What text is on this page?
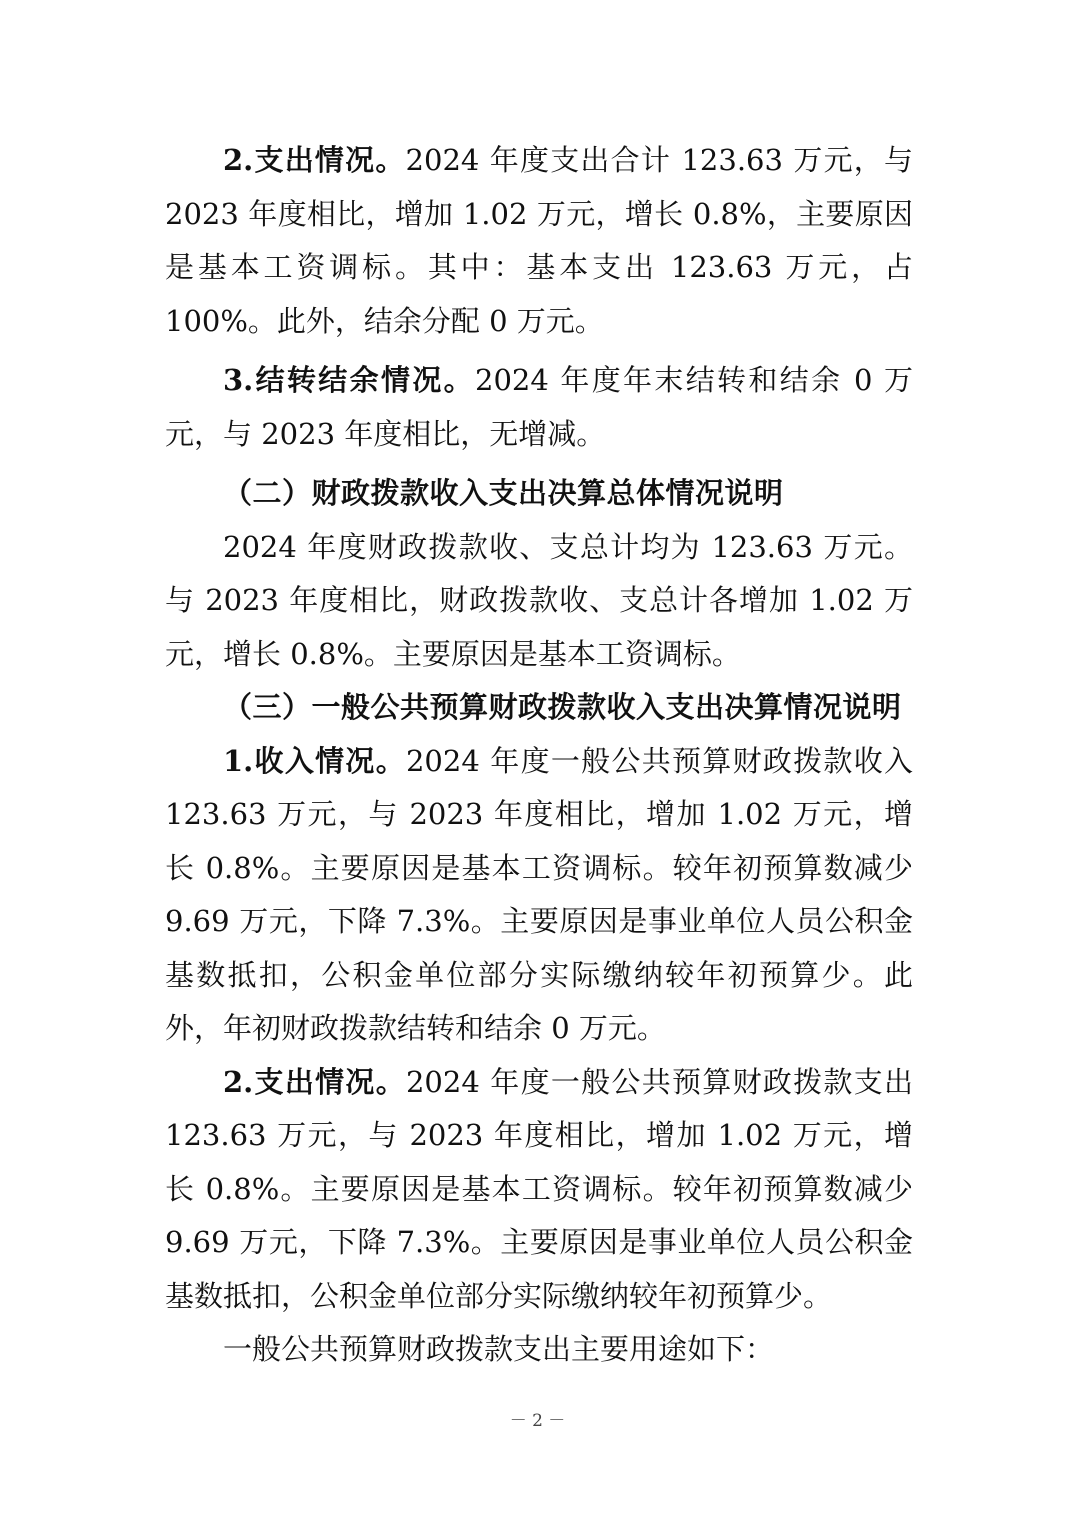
2.支出情况。2024 年度支出合计 123.63 万元，与 2023 年度相比，增加 1.02 万元，增长 0.8%，主要原因是基本工资调标。其中：基本支出 123.63 万元，占 100%。此外，结余分配 0 万元。

3.结转结余情况。2024 年度年末结转和结余 0 万元，与 2023 年度相比，无增减。

（二）财政拨款收入支出决算总体情况说明

2024 年度财政拨款收、支总计均为 123.63 万元。与 2023 年度相比，财政拨款收、支总计各增加 1.02 万元，增长 0.8%。主要原因是基本工资调标。

（三）一般公共预算财政拨款收入支出决算情况说明

1.收入情况。2024 年度一般公共预算财政拨款收入 123.63 万元，与 2023 年度相比，增加 1.02 万元，增长 0.8%。主要原因是基本工资调标。较年初预算数减少 9.69 万元，下降 7.3%。主要原因是事业单位人员公积金基数抵扣，公积金单位部分实际缴纳较年初预算少。此外，年初财政拨款结转和结余 0 万元。

2.支出情况。2024 年度一般公共预算财政拨款支出 123.63 万元，与 2023 年度相比，增加 1.02 万元，增长 0.8%。主要原因是基本工资调标。较年初预算数减少 9.69 万元，下降 7.3%。主要原因是事业单位人员公积金基数抵扣，公积金单位部分实际缴纳较年初预算少。

一般公共预算财政拨款支出主要用途如下：

－ 2 －
